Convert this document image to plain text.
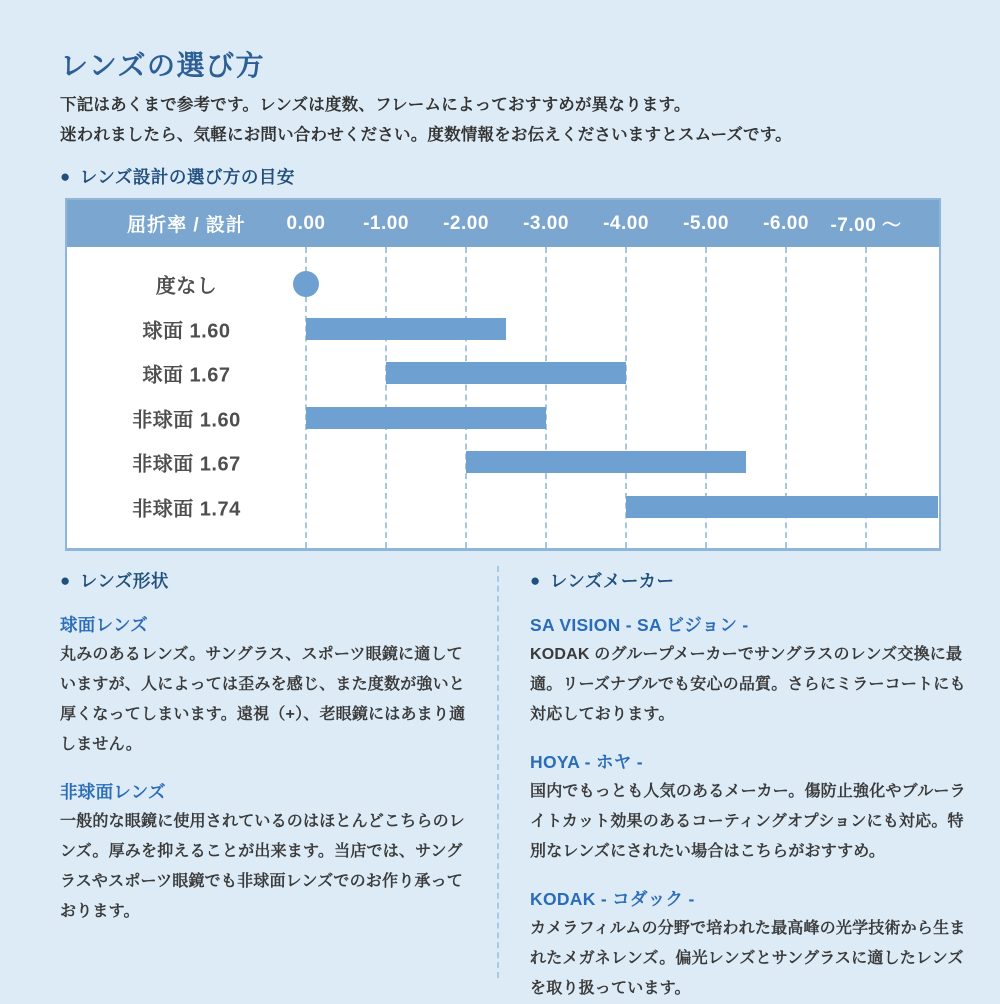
レンズの選び方
下記はあくまで参考です。レンズは度数、フレームによっておすすめが異なります。
迷われましたら、気軽にお問い合わせください。度数情報をお伝えくださいますとスムーズです。
● レンズ設計の選び方の目安
屈折率 / 設計	0.00 -1.00 -2.00 -3.00 -4.00 -5.00 -6.00 -7.00 ～
度なし
球面 1.60
球面 1.67
非球面 1.60
非球面 1.67
非球面 1.74
● レンズ形状
球面レンズ

丸みのあるレンズ。サングラス、スポーツ眼鏡に適していますが、人によっては歪みを感じ、また度数が強いと厚くなってしまいます。遠視（+）、老眼鏡にはあまり適しません。

非球面レンズ

一般的な眼鏡に使用されているのはほとんどこちらのレンズ。厚みを抑えることが出来ます。当店では、サングラスやスポーツ眼鏡でも非球面レンズでのお作り承っております。

● レンズメーカー
SA VISION - SA ビジョン -

KODAK のグループメーカーでサングラスのレンズ交換に最適。リーズナブルでも安心の品質。さらにミラーコートにも対応しております。

HOYA - ホヤ -

国内でもっとも人気のあるメーカー。傷防止強化やブルーライトカット効果のあるコーティングオプションにも対応。特別なレンズにされたい場合はこちらがおすすめ。

KODAK - コダック -

カメラフィルムの分野で培われた最高峰の光学技術から生まれたメガネレンズ。偏光レンズとサングラスに適したレンズを取り扱っています。
